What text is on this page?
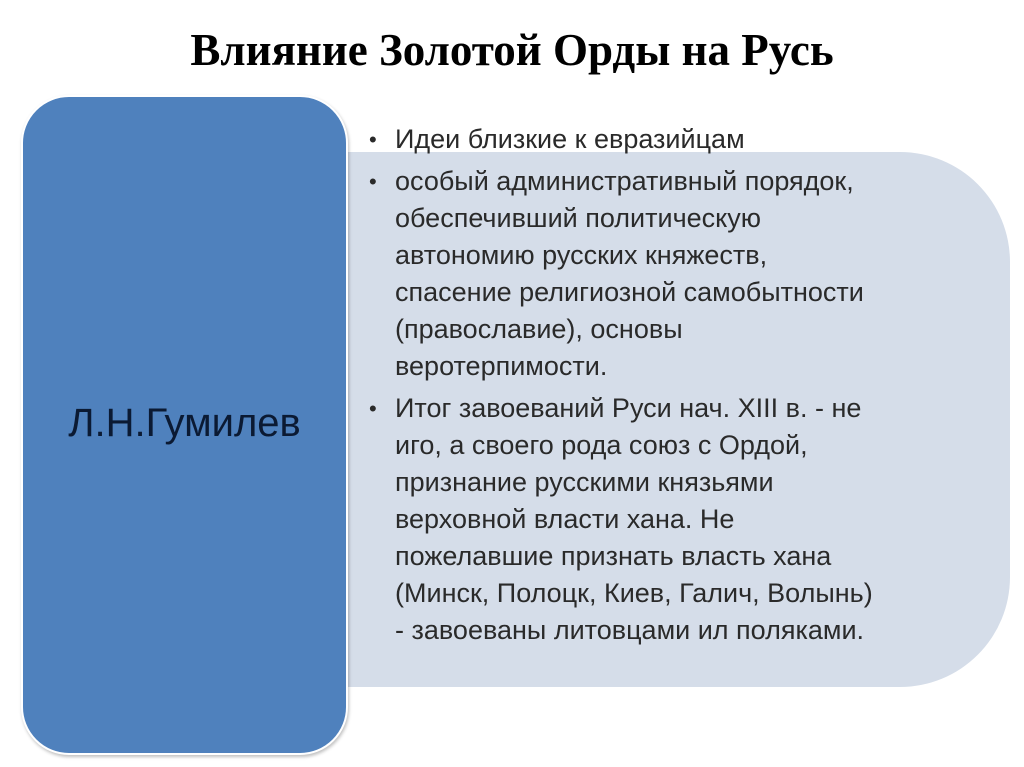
Влияние Золотой Орды на Русь
Л.Н.Гумилев
• Идеи близкие к евразийцам
• особый административный порядок,
обеспечивший политическую
автономию русских княжеств,
спасение религиозной самобытности
(православие), основы
веротерпимости.
• Итог завоеваний Руси нач. XIII в. - не
иго, а своего рода союз с Ордой,
признание русскими князьями
верховной власти хана. Не
пожелавшие признать власть хана
(Минск, Полоцк, Киев, Галич, Волынь)
- завоеваны литовцами ил поляками.
